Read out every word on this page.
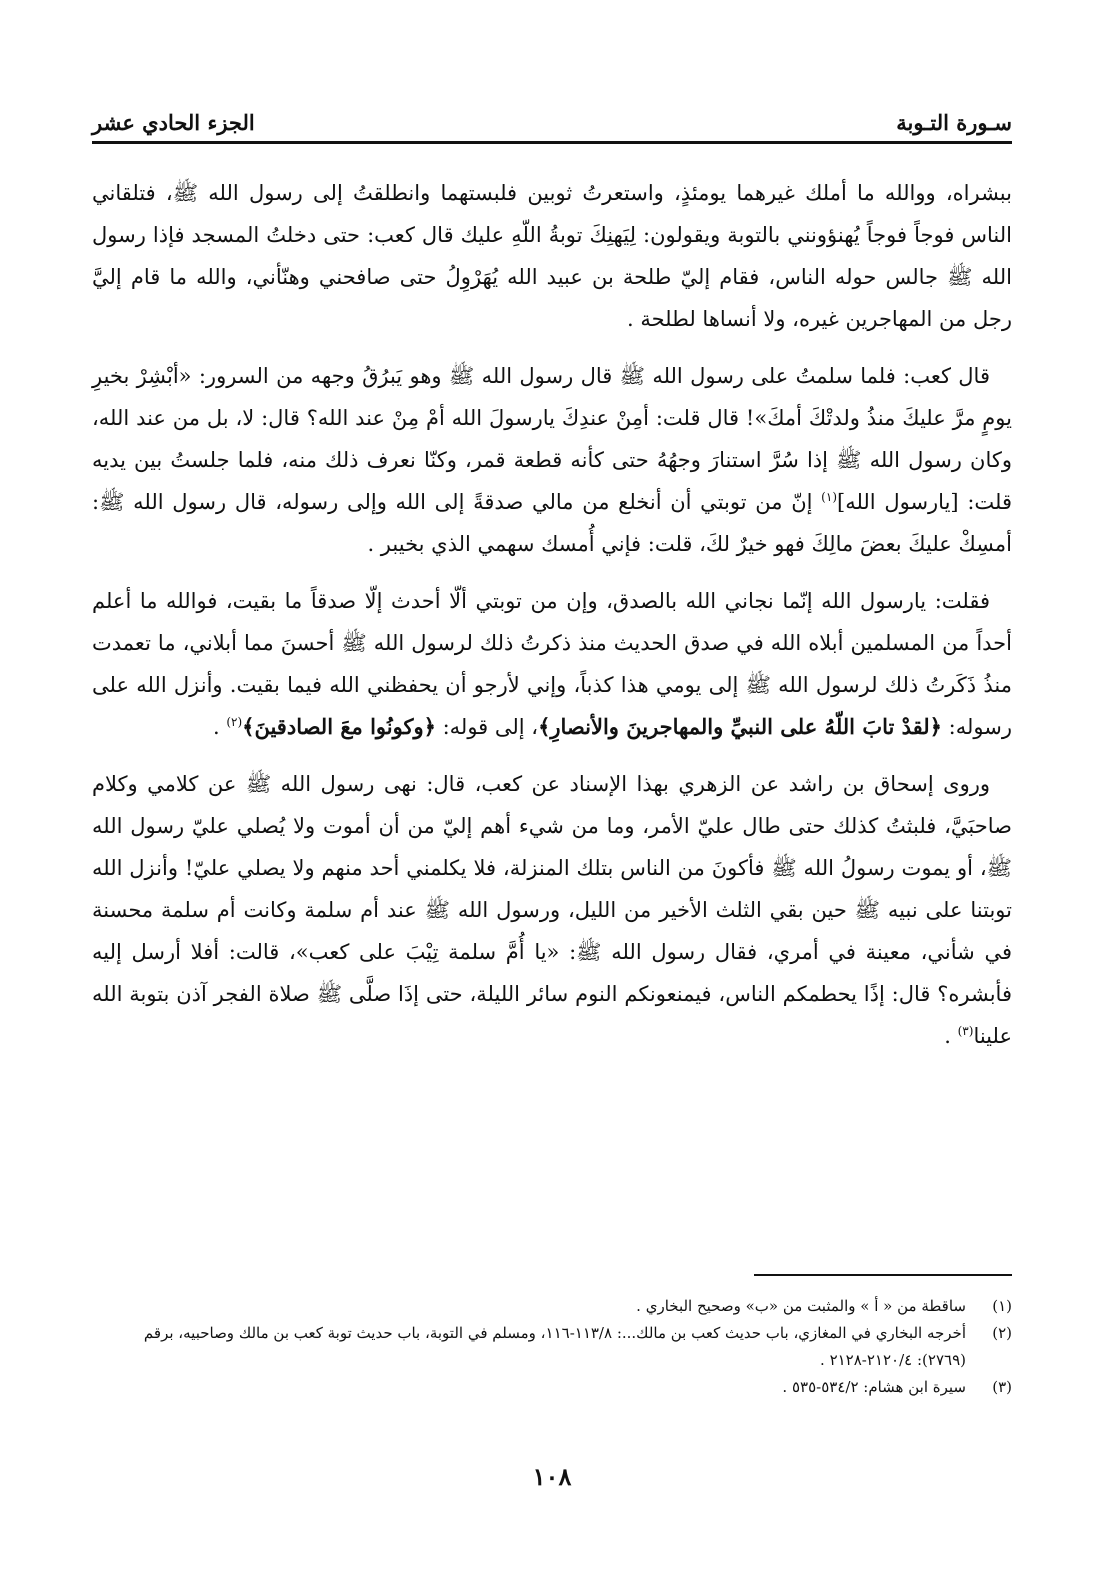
سـورة التـوبة
الجزء الحادي عشر

ببشراه، ووالله ما أملك غيرهما يومئذٍ، واستعرتُ ثوبين فلبستهما وانطلقتُ إلى رسول الله ﷺ، فتلقاني الناس فوجاً فوجاً يُهنؤونني بالتوبة ويقولون: لِيَهنِكَ توبةُ اللّهِ عليك قال كعب: حتى دخلتُ المسجد فإذا رسول الله ﷺ جالس حوله الناس، فقام إليّ طلحة بن عبيد الله يُهَرْوِلُ حتى صافحني وهنّأني، والله ما قام إليَّ رجل من المهاجرين غيره، ولا أنساها لطلحة .

قال كعب: فلما سلمتُ على رسول الله ﷺ قال رسول الله ﷺ وهو يَبرُقُ وجهه من السرور: «أبْشِرْ بخيرِ يومٍ مرَّ عليكَ منذُ ولدتْكَ أمكَ»! قال قلت: أمِنْ عندِكَ يارسولَ الله أمْ مِنْ عند الله؟ قال: لا، بل من عند الله، وكان رسول الله ﷺ إذا سُرَّ استنارَ وجهُهُ حتى كأنه قطعة قمر، وكنّا نعرف ذلك منه، فلما جلستُ بين يديه قلت: [يارسول الله]$^{(١)}$ إنّ من توبتي أن أنخلع من مالي صدقةً إلى الله وإلى رسوله، قال رسول الله ﷺ: أمسِكْ عليكَ بعضَ مالِكَ فهو خيرٌ لكَ، قلت: فإني أُمسك سهمي الذي بخيبر .

فقلت: يارسول الله إنّما نجاني الله بالصدق، وإن من توبتي ألّا أحدث إلّا صدقاً ما بقيت، فوالله ما أعلم أحداً من المسلمين أبلاه الله في صدق الحديث منذ ذكرتُ ذلك لرسول الله ﷺ أحسنَ مما أبلاني، ما تعمدت منذُ ذَكَرتُ ذلك لرسول الله ﷺ إلى يومي هذا كذباً، وإني لأرجو أن يحفظني الله فيما بقيت. وأنزل الله على رسوله: ﴿لقدْ تابَ اللّهُ على النبيِّ والمهاجرينَ والأنصارِ﴾، إلى قوله: ﴿وكونُوا معَ الصادقينَ﴾$^{(٢)}$ .

وروى إسحاق بن راشد عن الزهري بهذا الإسناد عن كعب، قال: نهى رسول الله ﷺ عن كلامي وكلام صاحبَيَّ، فلبثتُ كذلك حتى طال عليّ الأمر، وما من شيء أهم إليّ من أن أموت ولا يُصلي عليّ رسول الله ﷺ، أو يموت رسولُ الله ﷺ فأكونَ من الناس بتلك المنزلة، فلا يكلمني أحد منهم ولا يصلي عليّ! وأنزل الله توبتنا على نبيه ﷺ حين بقي الثلث الأخير من الليل، ورسول الله ﷺ عند أم سلمة وكانت أم سلمة محسنة في شأني، معينة في أمري، فقال رسول الله ﷺ: «يا أُمَّ سلمة تِيْبَ على كعب»، قالت: أفلا أرسل إليه فأبشره؟ قال: إذًا يحطمكم الناس، فيمنعونكم النوم سائر الليلة، حتى إذَا صلَّى ﷺ صلاة الفجر آذن بتوبة الله علينا$^{(٣)}$ .

(١)
ساقطة من « أ » والمثبت من «ب» وصحيح البخاري .
(٢)
أخرجه البخاري في المغازي، باب حديث كعب بن مالك...: ١١٣/٨-١١٦، ومسلم في التوبة، باب حديث توبة كعب بن مالك وصاحبيه، برقم (٢٧٦٩): ٢١٢٠/٤-٢١٢٨ .
(٣)
سيرة ابن هشام: ٥٣٤/٢-٥٣٥ .
١٠٨
